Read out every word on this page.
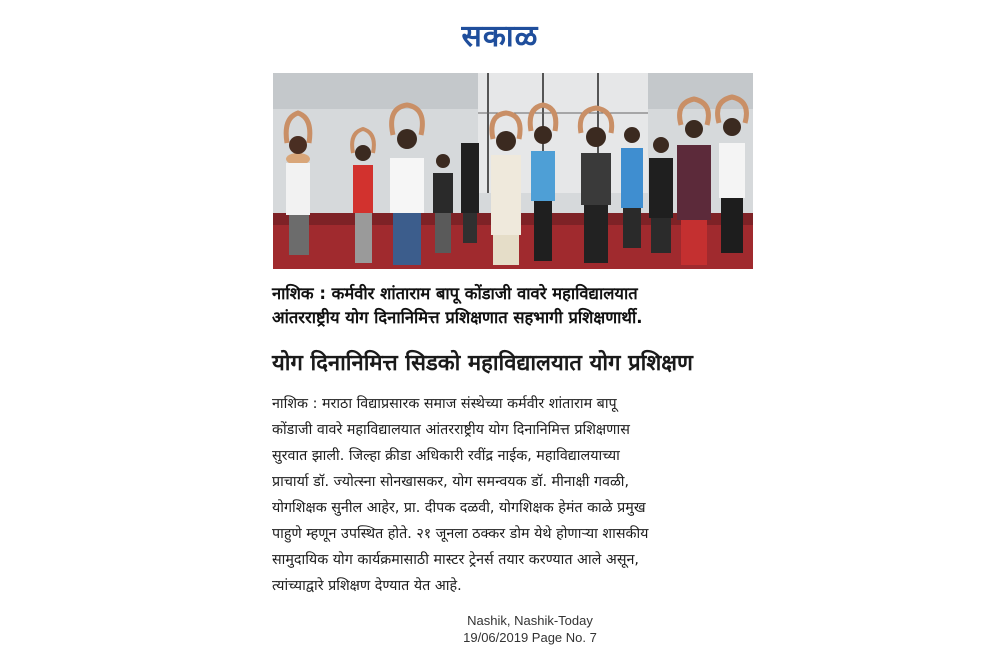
सकाळ
नाशिक : कर्मवीर शांताराम बापू कोंडाजी वावरे महाविद्यालयात
आंतरराष्ट्रीय योग दिनानिमित्त प्रशिक्षणात सहभागी प्रशिक्षणार्थी.
योग दिनानिमित्त सिडको महाविद्यालयात योग प्रशिक्षण
नाशिक : मराठा विद्याप्रसारक समाज संस्थेच्या कर्मवीर शांताराम बापू
कोंडाजी वावरे महाविद्यालयात आंतरराष्ट्रीय योग दिनानिमित्त प्रशिक्षणास
सुरवात झाली. जिल्हा क्रीडा अधिकारी रवींद्र नाईक, महाविद्यालयाच्या
प्राचार्या डॉ. ज्योत्स्ना सोनखासकर, योग समन्वयक डॉ. मीनाक्षी गवळी,
योगशिक्षक सुनील आहेर, प्रा. दीपक दळवी, योगशिक्षक हेमंत काळे प्रमुख
पाहुणे म्हणून उपस्थित होते. २१ जूनला ठक्कर डोम येथे होणाऱ्या शासकीय
सामुदायिक योग कार्यक्रमासाठी मास्टर ट्रेनर्स तयार करण्यात आले असून,
त्यांच्याद्वारे प्रशिक्षण देण्यात येत आहे.
Nashik, Nashik-Today
19/06/2019 Page No. 7
